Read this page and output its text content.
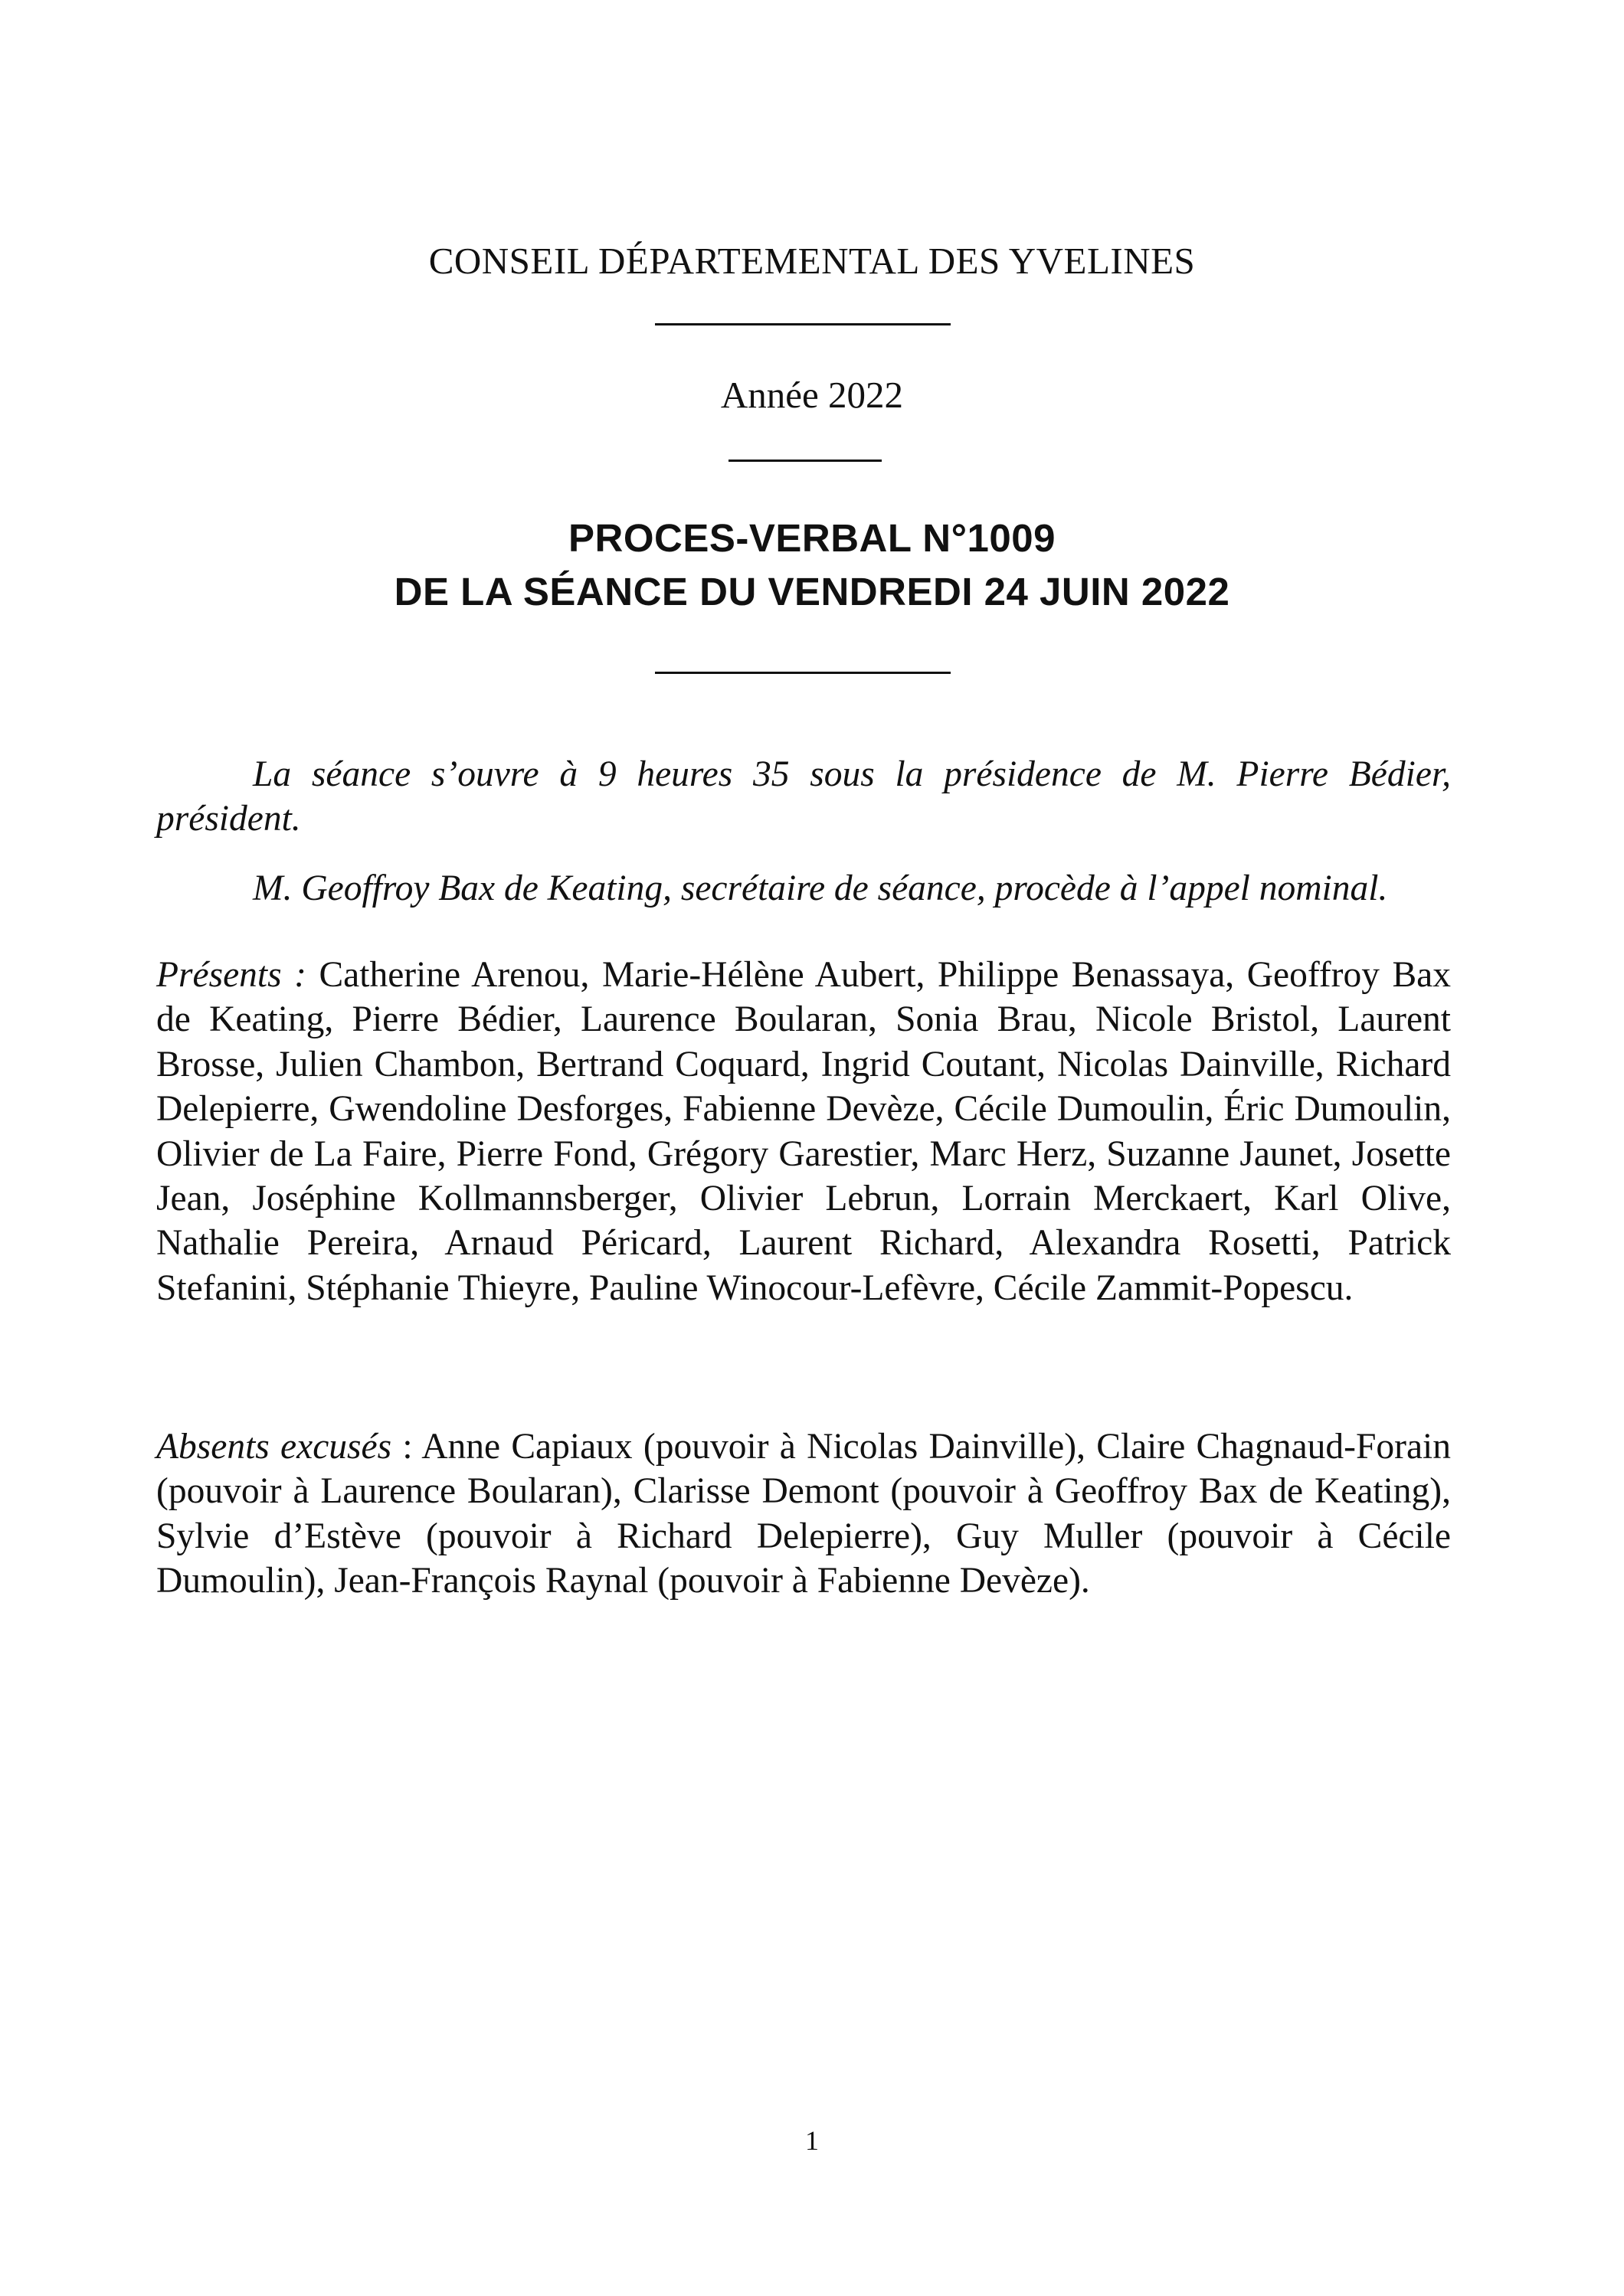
CONSEIL DÉPARTEMENTAL DES YVELINES
Année 2022
PROCES-VERBAL N°1009
DE LA SÉANCE DU VENDREDI 24 JUIN 2022

La séance s’ouvre à 9 heures 35 sous la présidence de M. Pierre Bédier, président.

M. Geoffroy Bax de Keating, secrétaire de séance, procède à l’appel nominal.

Présents : Catherine Arenou, Marie-Hélène Aubert, Philippe Benassaya, Geoffroy Bax de Keating, Pierre Bédier, Laurence Boularan, Sonia Brau, Nicole Bristol, Laurent Brosse, Julien Chambon, Bertrand Coquard, Ingrid Coutant, Nicolas Dainville, Richard Delepierre, Gwendoline Desforges, Fabienne Devèze, Cécile Dumoulin, Éric Dumoulin, Olivier de La Faire, Pierre Fond, Grégory Garestier, Marc Herz, Suzanne Jaunet, Josette Jean, Joséphine Kollmannsberger, Olivier Lebrun, Lorrain Merckaert, Karl Olive, Nathalie Pereira, Arnaud Péricard, Laurent Richard, Alexandra Rosetti, Patrick Stefanini, Stéphanie Thieyre, Pauline Winocour-Lefèvre, Cécile Zammit-Popescu.

Absents excusés : Anne Capiaux (pouvoir à Nicolas Dainville), Claire Chagnaud-Forain (pouvoir à Laurence Boularan), Clarisse Demont (pouvoir à Geoffroy Bax de Keating), Sylvie d’Estève (pouvoir à Richard Delepierre), Guy Muller (pouvoir à Cécile Dumoulin), Jean-François Raynal (pouvoir à Fabienne Devèze).

1
